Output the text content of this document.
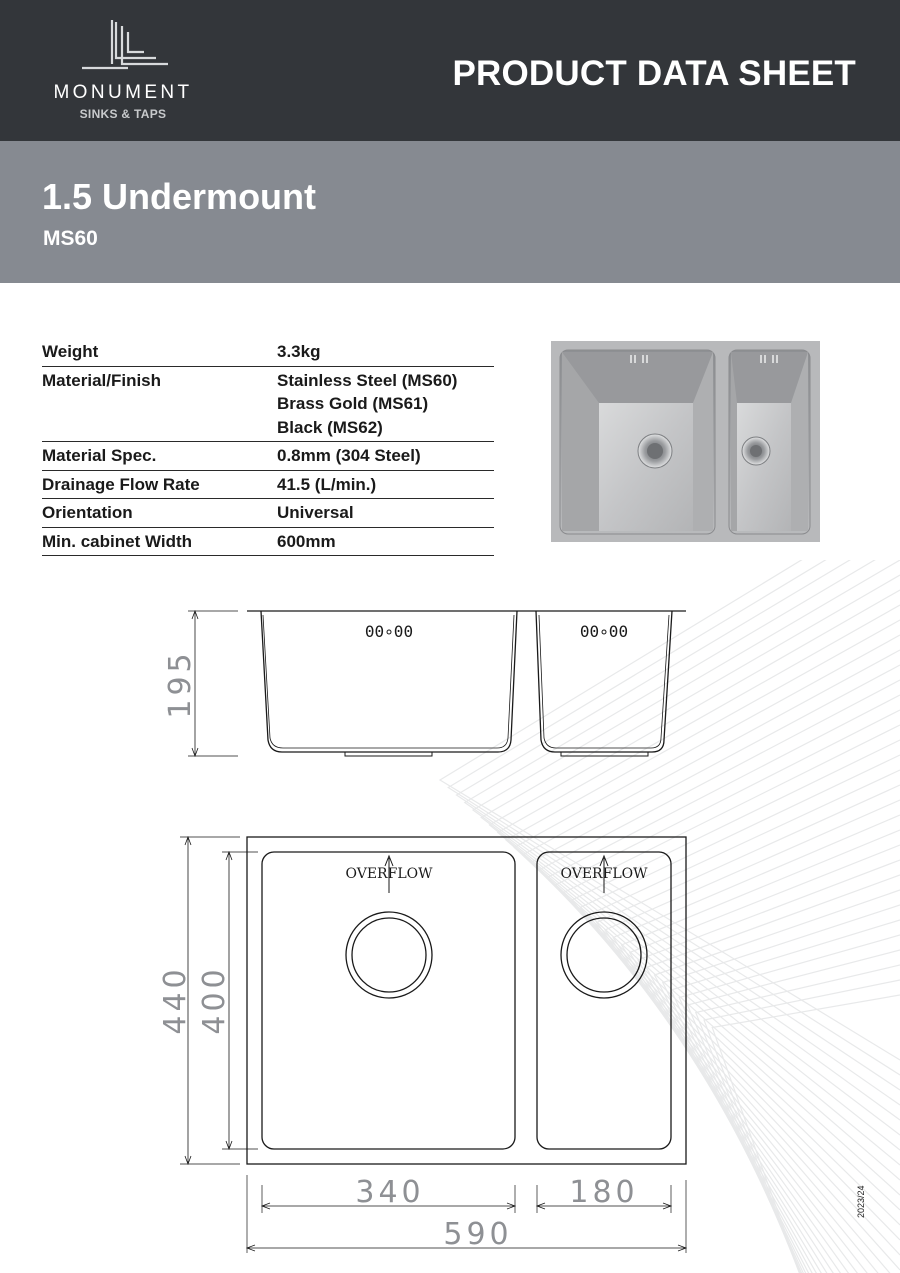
MONUMENT
SINKS & TAPS
PRODUCT DATA SHEET
1.5 Undermount
MS60
Weight	3.3kg
Material/Finish	Stainless Steel (MS60)
Brass Gold (MS61)
Black (MS62)

Material Spec.	0.8mm (304 Steel)
Drainage Flow Rate	41.5 (L/min.)
Orientation	Universal
Min. cabinet Width	600mm
195
440 400
340	180
590
OVERFLOW	OVERFLOW
00∘00	00∘00
2023/24
